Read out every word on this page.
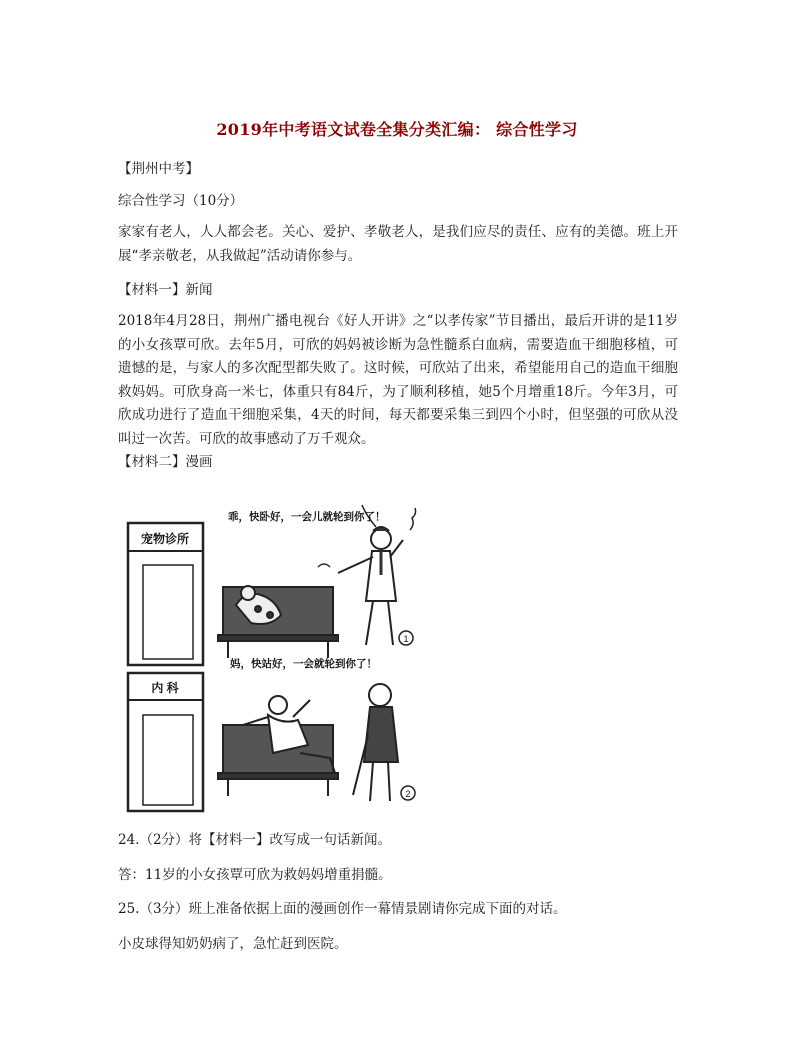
2019年中考语文试卷全集分类汇编： 综合性学习
【荆州中考】
综合性学习（10分）
家家有老人，人人都会老。关心、爱护、孝敬老人，是我们应尽的责任、应有的美德。班上开展“孝亲敬老，从我做起”活动请你参与。
【材料一】新闻
2018年4月28日，荆州广播电视台《好人开讲》之“以孝传家”节目播出，最后开讲的是11岁的小女孩覃可欣。去年5月，可欣的妈妈被诊断为急性髓系白血病，需要造血干细胞移植，可遗憾的是，与家人的多次配型都失败了。这时候，可欣站了出来，希望能用自己的造血干细胞救妈妈。可欣身高一米七，体重只有84斤，为了顺利移植，她5个月增重18斤。今年3月，可欣成功进行了造血干细胞采集，4天的时间，每天都要采集三到四个小时，但坚强的可欣从没叫过一次苦。可欣的故事感动了万千观众。
【材料二】漫画
宠物诊所
乖，快卧好，一会儿就轮到你了！
1
内 科
妈，快站好，一会就轮到你了！
2
24.（2分）将【材料一】改写成一句话新闻。
答：11岁的小女孩覃可欣为救妈妈增重捐髓。
25.（3分）班上准备依据上面的漫画创作一幕情景剧请你完成下面的对话。
小皮球得知奶奶病了，急忙赶到医院。
